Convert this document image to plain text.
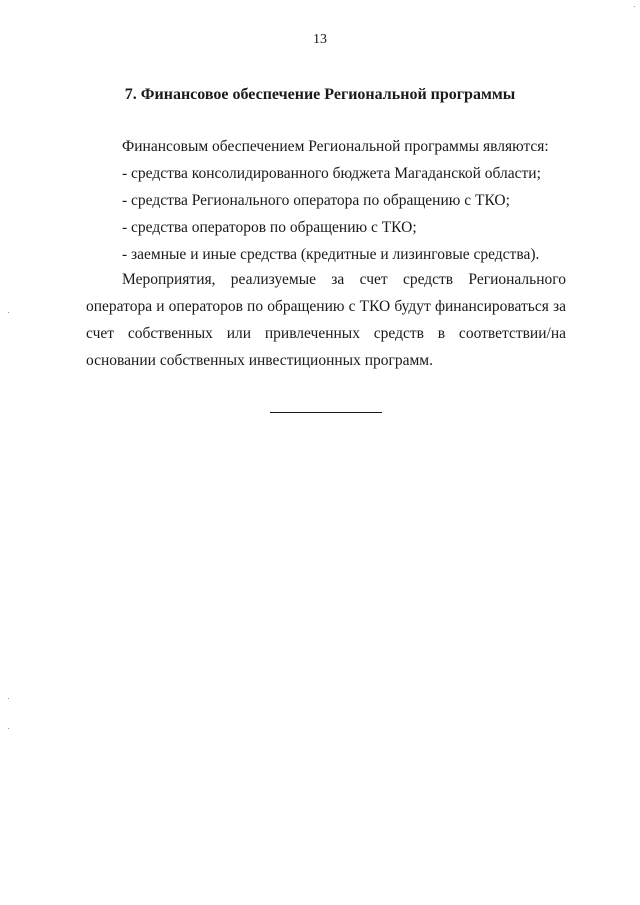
13
7. Финансовое обеспечение Региональной программы
Финансовым обеспечением Региональной программы являются:
- средства консолидированного бюджета Магаданской области;
- средства Регионального оператора по обращению с ТКО;
- средства операторов по обращению с ТКО;
- заемные и иные средства (кредитные и лизинговые средства).
Мероприятия, реализуемые за счет средств Регионального оператора и операторов по обращению с ТКО будут финансироваться за счет собственных или привлеченных средств в соответствии/на основании собственных инвестиционных программ.
